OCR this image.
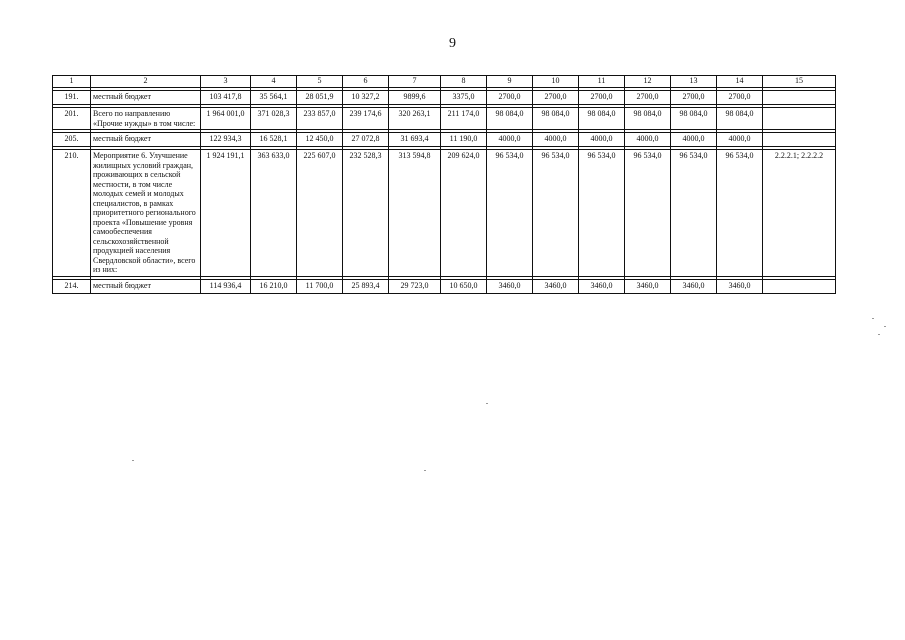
9
1	2	3	4	5	6	7	8	9	10	11	12	13	14	15

191.	местный бюджет	103 417,8	35 564,1	28 051,9	10 327,2	9899,6	3375,0	2700,0	2700,0	2700,0	2700,0	2700,0	2700,0	

201.	Всего по направлению «Прочие нужды» в том числе:	1 964 001,0	371 028,3	233 857,0	239 174,6	320 263,1	211 174,0	98 084,0	98 084,0	98 084,0	98 084,0	98 084,0	98 084,0	

205.	местный бюджет	122 934,3	16 528,1	12 450,0	27 072,8	31 693,4	11 190,0	4000,0	4000,0	4000,0	4000,0	4000,0	4000,0	

210.	Мероприятие 6. Улучшение жилищных условий граждан, проживающих в сельской местности, в том числе молодых семей и молодых специалистов, в рамках приоритетного регионального проекта «Повышение уровня самообеспечения сельскохозяйственной продукцией населения Свердловской области», всего из них:	1 924 191,1	363 633,0	225 607,0	232 528,3	313 594,8	209 624,0	96 534,0	96 534,0	96 534,0	96 534,0	96 534,0	96 534,0	2.2.2.1; 2.2.2.2

214.	местный бюджет	114 936,4	16 210,0	11 700,0	25 893,4	29 723,0	10 650,0	3460,0	3460,0	3460,0	3460,0	3460,0	3460,0	
